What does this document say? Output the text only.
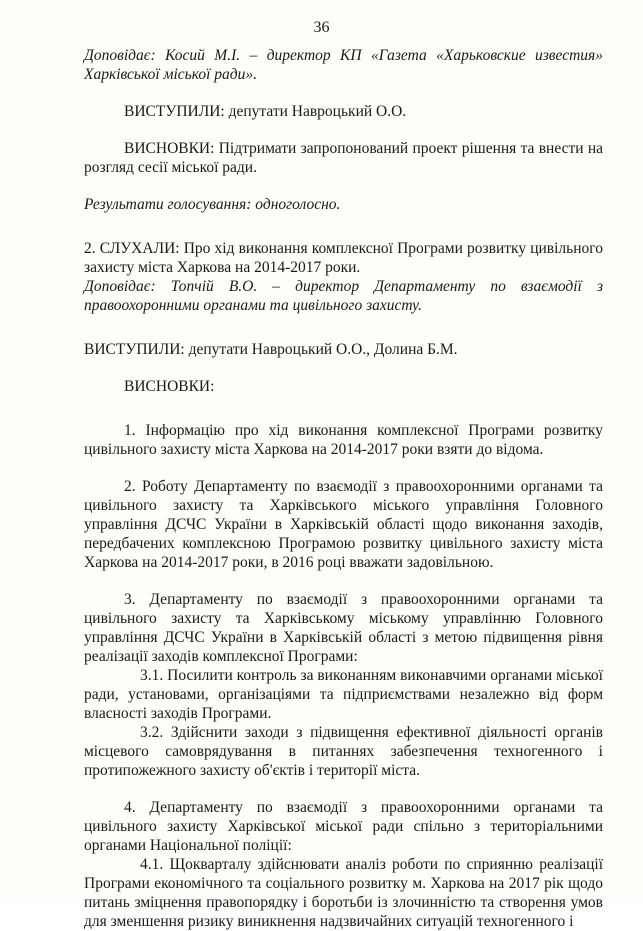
36

Доповідає: Косий М.І. – директор КП «Газета «Харьковские известия» Харківської міської ради».

ВИСТУПИЛИ: депутати Навроцький О.О.

ВИСНОВКИ: Підтримати запропонований проект рішення та внести на розгляд сесії міської ради.

Результати голосування: одноголосно.

2. СЛУХАЛИ: Про хід виконання комплексної Програми розвитку цивільного захисту міста Харкова на 2014-2017 роки.

Доповідає: Топчій В.О. – директор Департаменту по взаємодії з правоохоронними органами та цивільного захисту.

ВИСТУПИЛИ: депутати Навроцький О.О., Долина Б.М.

ВИСНОВКИ:

1. Інформацію про хід виконання комплексної Програми розвитку цивільного захисту міста Харкова на 2014-2017 роки взяти до відома.

2. Роботу Департаменту по взаємодії з правоохоронними органами та цивільного захисту та Харківського міського управління Головного управління ДСЧС України в Харківській області щодо виконання заходів, передбачених комплексною Програмою розвитку цивільного захисту міста Харкова на 2014-2017 роки, в 2016 році вважати задовільною.

3. Департаменту по взаємодії з правоохоронними органами та цивільного захисту та Харківському міському управлінню Головного управління ДСЧС України в Харківській області з метою підвищення рівня реалізації заходів комплексної Програми:

3.1. Посилити контроль за виконанням виконавчими органами міської ради, установами, організаціями та підприємствами незалежно від форм власності заходів Програми.

3.2. Здійснити заходи з підвищення ефективної діяльності органів місцевого самоврядування в питаннях забезпечення техногенного і протипожежного захисту об'єктів і території міста.

4. Департаменту по взаємодії з правоохоронними органами та цивільного захисту Харківської міської ради спільно з територіальними органами Національної поліції:

4.1. Щокварталу здійснювати аналіз роботи по сприянню реалізації Програми економічного та соціального розвитку м. Харкова на 2017 рік щодо питань зміцнення правопорядку і боротьби із злочинністю та створення умов для зменшення ризику виникнення надзвичайних ситуацій техногенного і
